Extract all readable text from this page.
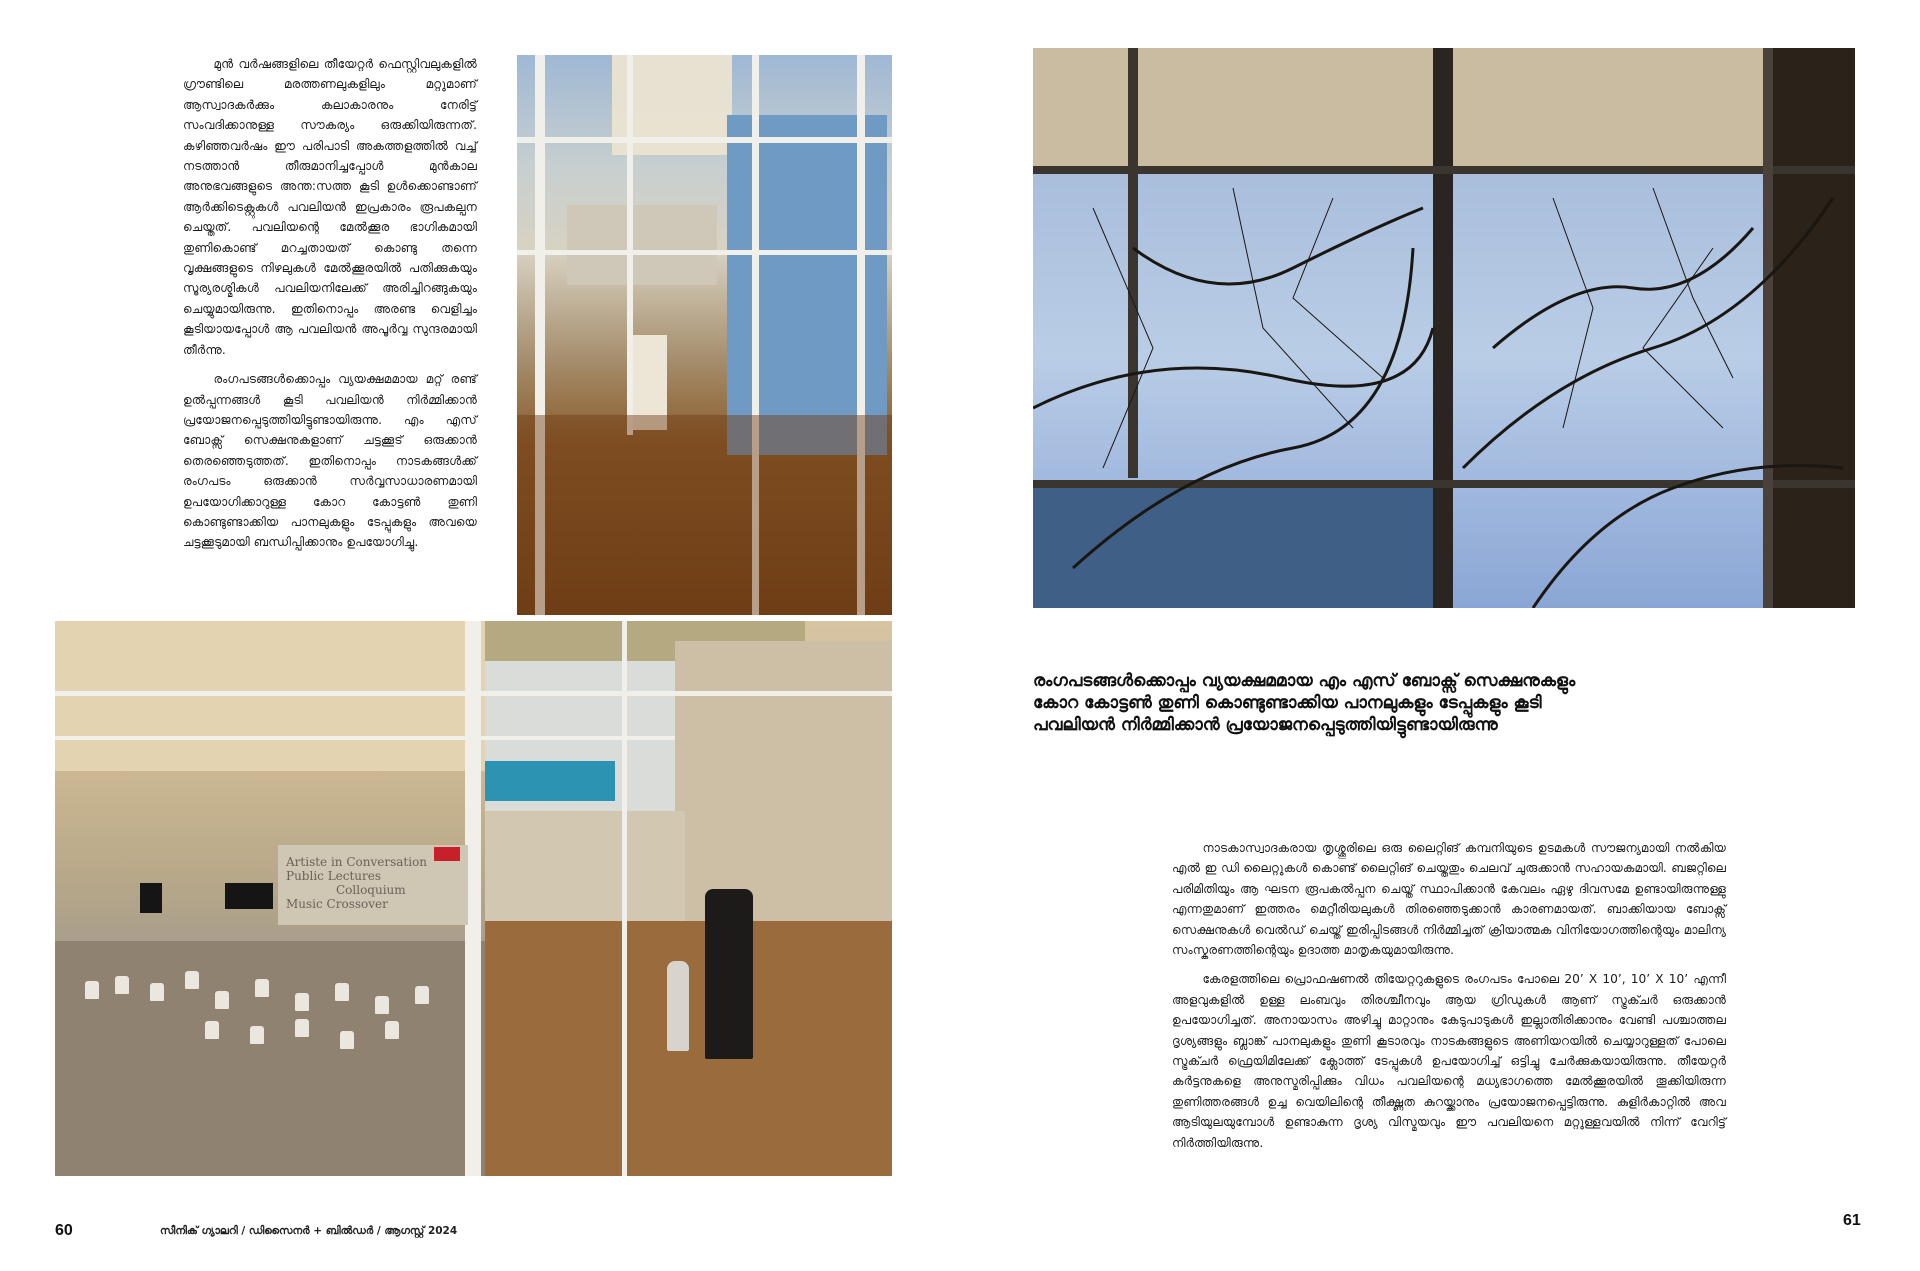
മുൻ വർഷങ്ങളിലെ തീയേറ്റർ ഫെസ്റ്റിവലുകളിൽ ഗ്രൗണ്ടിലെ മരത്തണലുകളിലും മറ്റുമാണ് ആസ്വാദകർക്കും കലാകാരനും നേരിട്ട് സംവദിക്കാനുള്ള സൗകര്യം ഒരുക്കിയിരുന്നത്. കഴിഞ്ഞവർഷം ഈ പരിപാടി അകത്തളത്തിൽ വച്ച് നടത്താൻ തീരുമാനിച്ചപ്പോൾ മുൻകാല അനുഭവങ്ങളുടെ അന്ത:സത്ത കൂടി ഉൾക്കൊണ്ടാണ് ആർക്കിടെക്റ്റുകൾ പവലിയൻ ഇപ്രകാരം രൂപകല്പന ചെയ്തത്. പവലിയന്റെ മേൽക്കൂര ഭാഗികമായി തുണികൊണ്ട് മറച്ചതായത് കൊണ്ടു തന്നെ വൃക്ഷങ്ങളുടെ നിഴലുകൾ മേൽക്കൂരയിൽ പതിക്കുകയും സൂര്യരശ്മികൾ പവലിയനിലേക്ക് അരിച്ചിറങ്ങുകയും ചെയ്യുമായിരുന്നു. ഇതിനൊപ്പം അരണ്ട വെളിച്ചം കൂടിയായപ്പോൾ ആ പവലിയൻ അപൂർവ്വ സുന്ദരമായി തീർന്നു.

രംഗപടങ്ങൾക്കൊപ്പം വ്യയക്ഷമമായ മറ്റ് രണ്ട് ഉൽപ്പന്നങ്ങൾ കൂടി പവലിയൻ നിർമ്മിക്കാൻ പ്രയോജനപ്പെടുത്തിയിട്ടുണ്ടായിരുന്നു. എം എസ് ബോക്സ് സെക്ഷനുകളാണ് ചട്ടക്കൂട് ഒരുക്കാൻ തെരഞ്ഞെടുത്തത്. ഇതിനൊപ്പം നാടകങ്ങൾക്ക് രംഗപടം ഒരുക്കാൻ സർവ്വസാധാരണമായി ഉപയോഗിക്കാറുള്ള കോറ കോട്ടൺ തുണി കൊണ്ടുണ്ടാക്കിയ പാനലുകളും ടേപ്പുകളും അവയെ ചട്ടക്കൂടുമായി ബന്ധിപ്പിക്കാനും ഉപയോഗിച്ചു.

Artiste in Conversation
Public Lectures
Colloquium
Music Crossover
60	സീനിക് ഗ്യാലറി / ഡിസൈനർ + ബിൽഡർ / ആഗസ്റ്റ് 2024
രംഗപടങ്ങൾക്കൊപ്പം വ്യയക്ഷമമായ എം എസ് ബോക്സ് സെക്ഷനുകളും
കോറ കോട്ടൺ തുണി കൊണ്ടുണ്ടാക്കിയ പാനലുകളും ടേപ്പുകളും കൂടി
പവലിയൻ നിർമ്മിക്കാൻ പ്രയോജനപ്പെടുത്തിയിട്ടുണ്ടായിരുന്നു

നാടകാസ്വാദകരായ തൃശ്ശൂരിലെ ഒരു ലൈറ്റിങ് കമ്പനിയുടെ ഉടമകൾ സൗജന്യമായി നൽകിയ എൽ ഇ ഡി ലൈറ്റുകൾ കൊണ്ട് ലൈറ്റിങ് ചെയ്തതും ചെലവ് ചുരുക്കാൻ സഹായകമായി. ബജറ്റിലെ പരിമിതിയും ആ ഘടന രൂപകൽപ്പന ചെയ്ത് സ്ഥാപിക്കാൻ കേവലം ഏഴു ദിവസമേ ഉണ്ടായിരുന്നുള്ളു എന്നതുമാണ് ഇത്തരം മെറ്റീരിയലുകൾ തിരഞ്ഞെടുക്കാൻ കാരണമായത്. ബാക്കിയായ ബോക്സ് സെക്ഷനുകൾ വെൽഡ് ചെയ്ത് ഇരിപ്പിടങ്ങൾ നിർമ്മിച്ചത് ക്രിയാത്മക വിനിയോഗത്തിന്റെയും മാലിന്യ സംസ്കരണത്തിന്റെയും ഉദാത്ത മാതൃകയുമായിരുന്നു.

കേരളത്തിലെ പ്രൊഫഷണൽ തിയേറ്ററുകളുടെ രംഗപടം പോലെ 20’ X 10’, 10’ X 10’ എന്നീ അളവുകളിൽ ഉള്ള ലംബവും തിരശ്ചീനവും ആയ ഗ്രിഡുകൾ ആണ് സ്ട്രക്ചർ ഒരുക്കാൻ ഉപയോഗിച്ചത്. അനായാസം അഴിച്ചു മാറ്റാനും കേടുപാടുകൾ ഇല്ലാതിരിക്കാനും വേണ്ടി പശ്ചാത്തല ദൃശ്യങ്ങളും ബ്ലാങ്ക് പാനലുകളും തുണി കൂടാരവും നാടകങ്ങളുടെ അണിയറയിൽ ചെയ്യാറുള്ളത് പോലെ സ്ട്രക്ചർ ഫ്രെയിമിലേക്ക് ക്ലോത്ത് ടേപ്പുകൾ ഉപയോഗിച്ച് ഒട്ടിച്ചു ചേർക്കുകയായിരുന്നു. തീയേറ്റർ കർട്ടനുകളെ അനുസ്മരിപ്പിക്കും വിധം പവലിയന്റെ മധ്യഭാഗത്തെ മേൽക്കൂരയിൽ തൂക്കിയിരുന്ന തുണിത്തരങ്ങൾ ഉച്ച വെയിലിന്റെ തീക്ഷ്ണത കുറയ്ക്കാനും പ്രയോജനപ്പെട്ടിരുന്നു. കുളിർകാറ്റിൽ അവ ആടിയുലയുമ്പോൾ ഉണ്ടാകുന്ന ദൃശ്യ വിസ്മയവും ഈ പവലിയനെ മറ്റുള്ളവയിൽ നിന്ന് വേറിട്ട് നിർത്തിയിരുന്നു.

61
